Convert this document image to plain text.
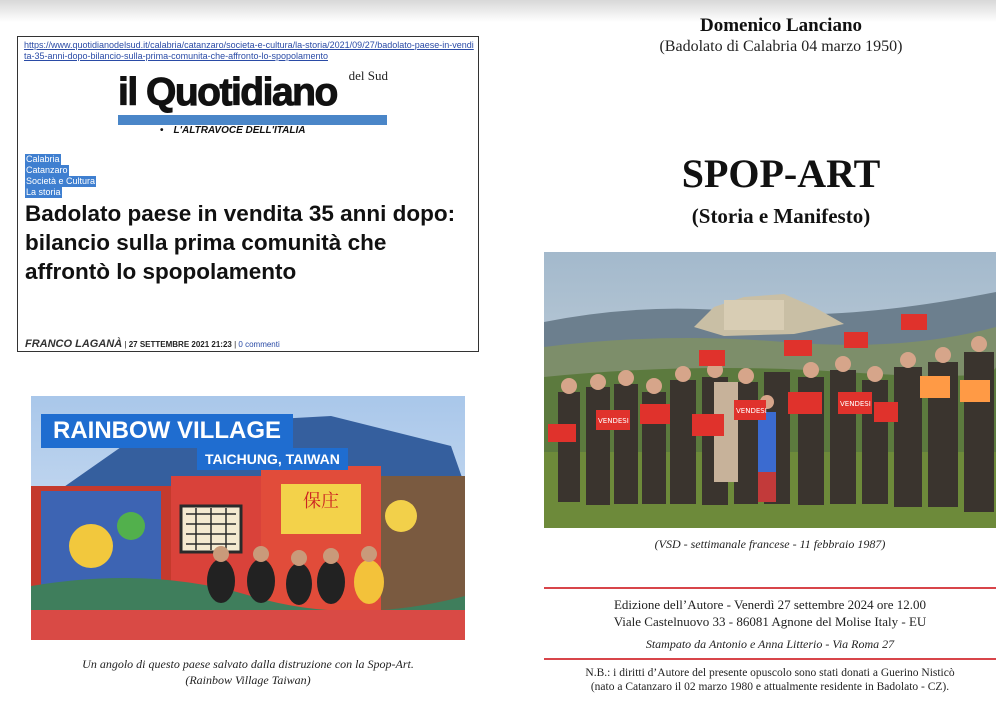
https://www.quotidianodelsud.it/calabria/catanzaro/societa-e-cultura/la-storia/2021/09/27/badolato-paese-in-vendita-35-anni-dopo-bilancio-sulla-prima-comunita-che-affronto-lo-spopolamento
il Quotidiano del Sud
• L'ALTRAVOCE DELL'ITALIA
Calabria
Catanzaro
Società e Cultura
La storia
Badolato paese in vendita 35 anni dopo: bilancio sulla prima comunità che affrontò lo spopolamento
FRANCO LAGANÀ | 27 SETTEMBRE 2021 21:23 | 0 commenti
保庄
RAINBOW VILLAGE
TAICHUNG, TAIWAN
Un angolo di questo paese salvato dalla distruzione con la Spop-Art.
(Rainbow Village Taiwan)
Domenico Lanciano
(Badolato di Calabria 04 marzo 1950)
SPOP-ART
(Storia e Manifesto)
VENDESI
VENDESI
VENDESI
(VSD - settimanale francese - 11 febbraio 1987)
Edizione dell’Autore - Venerdì 27 settembre 2024 ore 12.00
Viale Castelnuovo 33 - 86081 Agnone del Molise Italy - EU
Stampato da Antonio e Anna Litterio - Via Roma 27
N.B.: i diritti d’Autore del presente opuscolo sono stati donati a Guerino Nisticò
(nato a Catanzaro il 02 marzo 1980 e attualmente residente in Badolato - CZ).
